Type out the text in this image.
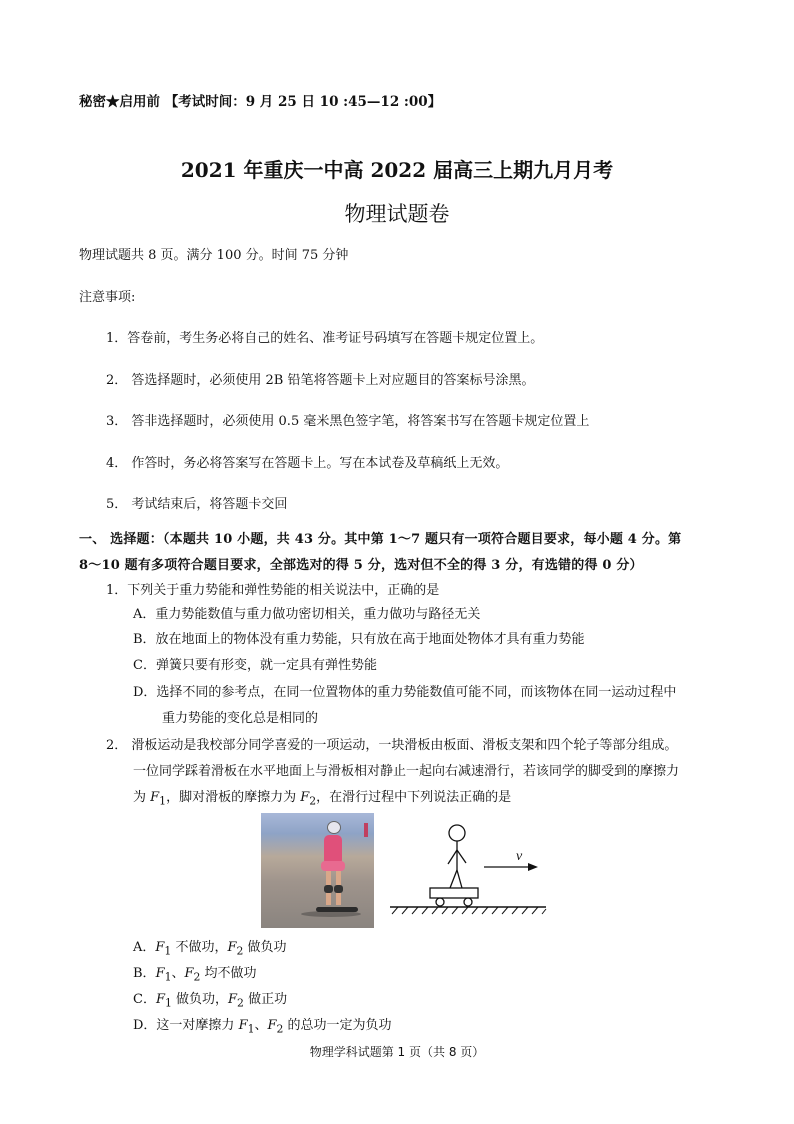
秘密★启用前 【考试时间：9 月 25 日 10 :45—12 :00】
2021 年重庆一中高 2022 届高三上期九月月考
物理试题卷
物理试题共 8 页。满分 100 分。时间 75 分钟
注意事项:
1．答卷前，考生务必将自己的姓名、准考证号码填写在答题卡规定位置上。
2． 答选择题时，必须使用 2B 铅笔将答题卡上对应题目的答案标号涂黑。
3． 答非选择题时，必须使用 0.5 毫米黑色签字笔，将答案书写在答题卡规定位置上
4． 作答时，务必将答案写在答题卡上。写在本试卷及草稿纸上无效。
5． 考试结束后，将答题卡交回
一、 选择题：（本题共 10 小题，共 43 分。其中第 1～7 题只有一项符合题目要求，每小题 4 分。第
8～10 题有多项符合题目要求，全部选对的得 5 分，选对但不全的得 3 分，有选错的得 0 分）
1．下列关于重力势能和弹性势能的相关说法中，正确的是
A．重力势能数值与重力做功密切相关，重力做功与路径无关
B．放在地面上的物体没有重力势能，只有放在高于地面处物体才具有重力势能
C．弹簧只要有形变，就一定具有弹性势能
D．选择不同的参考点，在同一位置物体的重力势能数值可能不同，而该物体在同一运动过程中
重力势能的变化总是相同的
2． 滑板运动是我校部分同学喜爱的一项运动，一块滑板由板面、滑板支架和四个轮子等部分组成。
一位同学踩着滑板在水平地面上与滑板相对静止一起向右减速滑行，若该同学的脚受到的摩擦力
为 $F_1$，脚对滑板的摩擦力为 $F_2$，在滑行过程中下列说法正确的是
v
A．$F_1$ 不做功，$F_2$ 做负功
B．$F_1$、$F_2$ 均不做功
C．$F_1$ 做负功，$F_2$ 做正功
D．这一对摩擦力 $F_1$、$F_2$ 的总功一定为负功
物理学科试题第 1 页（共 8 页）
